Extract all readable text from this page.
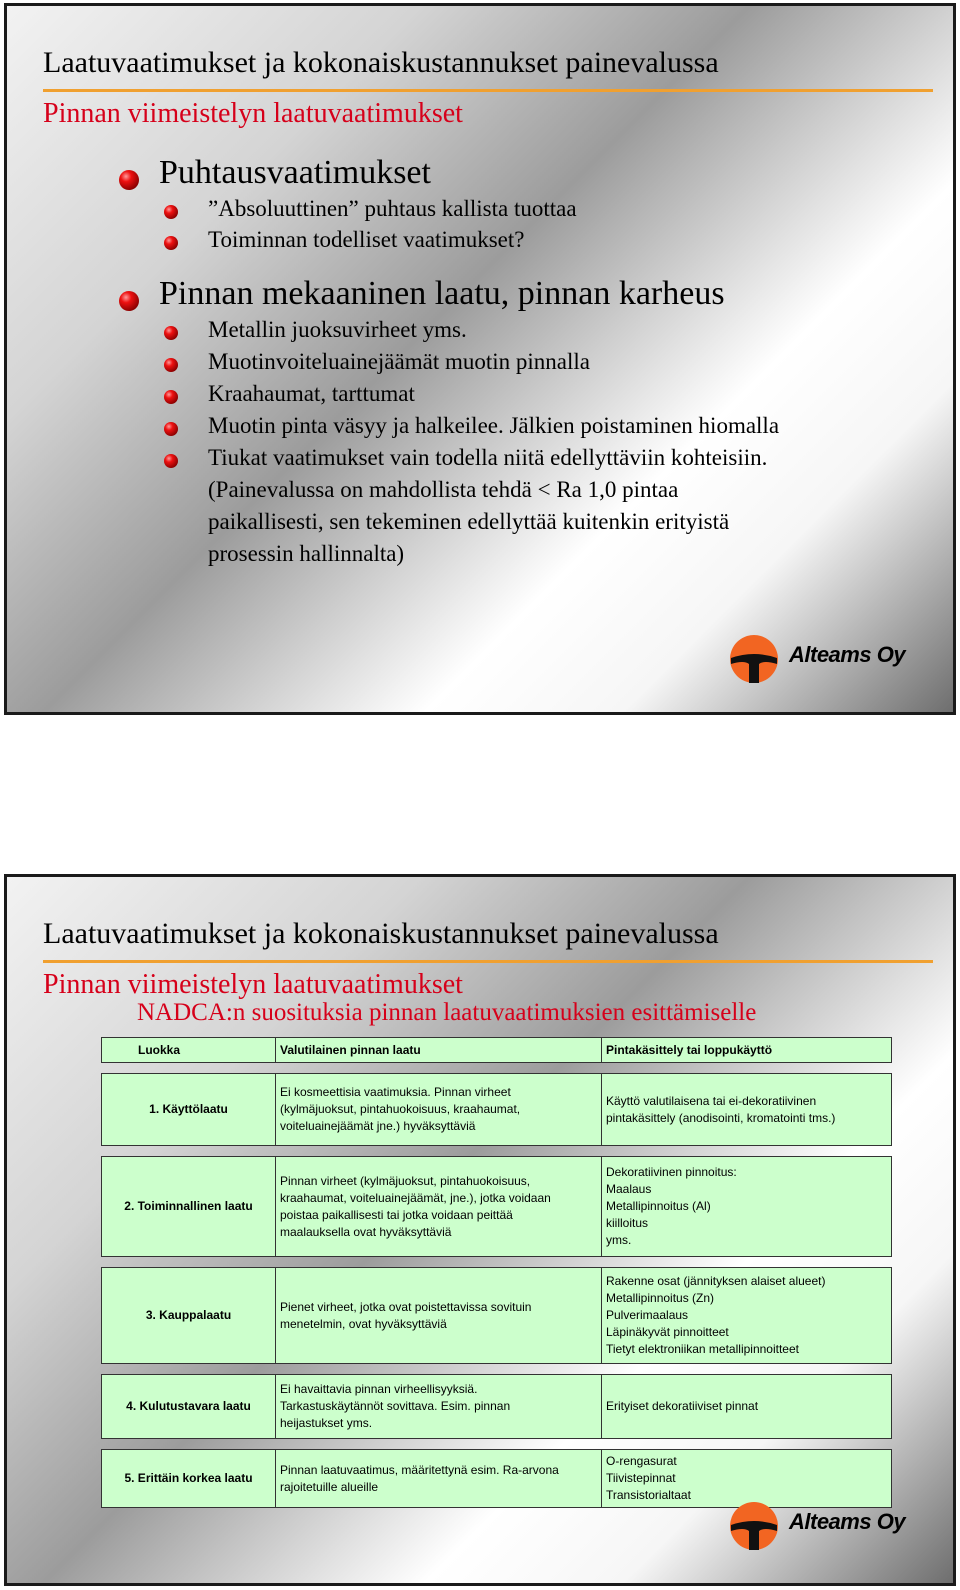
Laatuvaatimukset ja kokonaiskustannukset painevalussa
Pinnan viimeistelyn laatuvaatimukset
Puhtausvaatimukset
”Absoluuttinen” puhtaus kallista tuottaa
Toiminnan todelliset vaatimukset?
Pinnan mekaaninen laatu, pinnan karheus
Metallin juoksuvirheet yms.
Muotinvoiteluainejäämät muotin pinnalla
Kraahaumat, tarttumat
Muotin pinta väsyy ja halkeilee. Jälkien poistaminen hiomalla
Tiukat vaatimukset vain todella niitä edellyttäviin kohteisiin.
(Painevalussa on mahdollista tehdä < Ra 1,0 pintaa
paikallisesti, sen tekeminen edellyttää kuitenkin erityistä
prosessin hallinnalta)
Alteams Oy
Laatuvaatimukset ja kokonaiskustannukset painevalussa
Pinnan viimeistelyn laatuvaatimukset
NADCA:n suosituksia pinnan laatuvaatimuksien esittämiselle
Luokka	Valutilainen pinnan laatu	Pintakäsittely tai loppukäyttö

1. Käyttölaatu	Ei kosmeettisia vaatimuksia. Pinnan virheet
(kylmäjuoksut, pintahuokoisuus, kraahaumat,
voiteluainejäämät jne.) hyväksyttäviä	Käyttö valutilaisena tai ei-dekoratiivinen
pintakäsittely (anodisointi, kromatointi tms.)

2. Toiminnallinen laatu	Pinnan virheet (kylmäjuoksut, pintahuokoisuus,
kraahaumat, voiteluainejäämät, jne.), jotka voidaan
poistaa paikallisesti tai jotka voidaan peittää
maalauksella ovat hyväksyttäviä	Dekoratiivinen pinnoitus:
Maalaus
Metallipinnoitus (Al)
kiilloitus
yms.

3. Kauppalaatu	Pienet virheet, jotka ovat poistettavissa sovituin
menetelmin, ovat hyväksyttäviä	Rakenne osat (jännityksen alaiset alueet)
Metallipinnoitus (Zn)
Pulverimaalaus
Läpinäkyvät pinnoitteet
Tietyt elektroniikan metallipinnoitteet

4. Kulutustavara laatu	Ei havaittavia pinnan virheellisyyksiä.
Tarkastuskäytännöt sovittava. Esim. pinnan
heijastukset yms.	Erityiset dekoratiiviset pinnat

5. Erittäin korkea laatu	Pinnan laatuvaatimus, määritettynä esim. Ra-arvona
rajoitetuille alueille	O-rengasurat
Tiivistepinnat
Transistorialtaat
Alteams Oy
